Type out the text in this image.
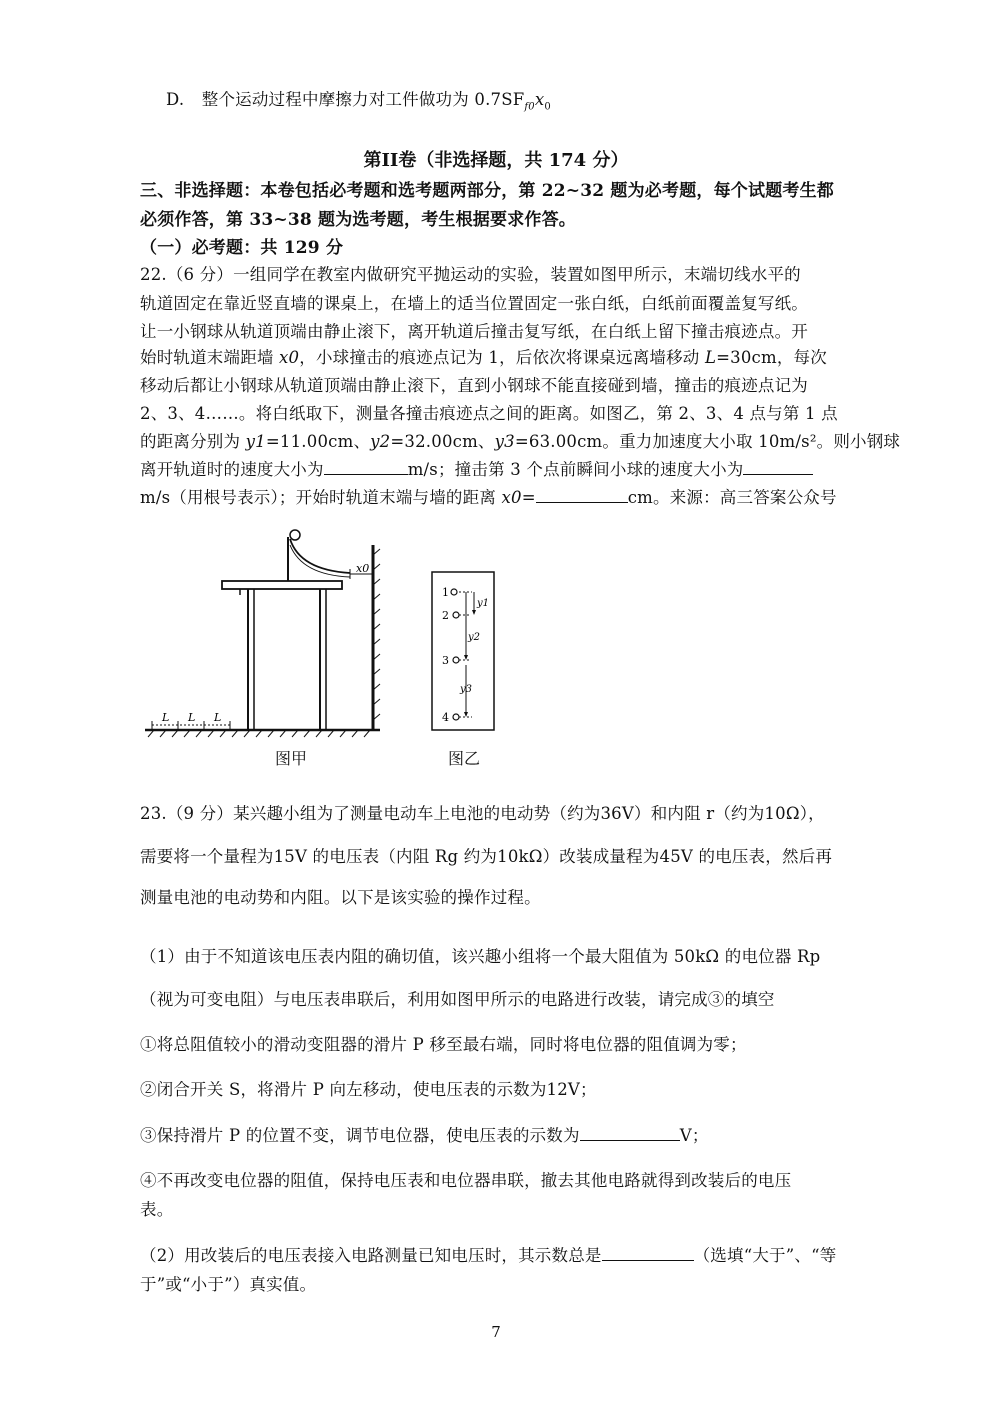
D. 整个运动过程中摩擦力对工件做功为 $0.7SF_{f0}x_0$
第II卷（非选择题，共 174 分）
三、非选择题：本卷包括必考题和选考题两部分，第 22~32 题为必考题，每个试题考生都
必须作答，第 33~38 题为选考题，考生根据要求作答。
（一）必考题：共 129 分
22.（6 分）一组同学在教室内做研究平抛运动的实验，装置如图甲所示，末端切线水平的
轨道固定在靠近竖直墙的课桌上，在墙上的适当位置固定一张白纸，白纸前面覆盖复写纸。
让一小钢球从轨道顶端由静止滚下，离开轨道后撞击复写纸，在白纸上留下撞击痕迹点。开
始时轨道末端距墙 x0，小球撞击的痕迹点记为 1，后依次将课桌远离墙移动 L=30cm，每次
移动后都让小钢球从轨道顶端由静止滚下，直到小钢球不能直接碰到墙，撞击的痕迹点记为
2、3、4……。将白纸取下，测量各撞击痕迹点之间的距离。如图乙，第 2、3、4 点与第 1 点
的距离分别为 y1=11.00cm、y2=32.00cm、y3=63.00cm。重力加速度大小取 10m/s²。则小钢球
离开轨道时的速度大小为	m/s；撞击第 3 个点前瞬间小球的速度大小为
m/s（用根号表示）；开始时轨道末端与墙的距离 x0=	cm。来源：高三答案公众号
x0
L L L
图甲
1
2
3
4
y1
y2
y3
图乙
23.（9 分）某兴趣小组为了测量电动车上电池的电动势（约为36V）和内阻 r（约为10Ω），
需要将一个量程为15V 的电压表（内阻 Rg 约为10kΩ）改装成量程为45V 的电压表，然后再
测量电池的电动势和内阻。以下是该实验的操作过程。
（1）由于不知道该电压表内阻的确切值，该兴趣小组将一个最大阻值为 50kΩ 的电位器 Rp
（视为可变电阻）与电压表串联后，利用如图甲所示的电路进行改装，请完成③的填空
①将总阻值较小的滑动变阻器的滑片 P 移至最右端，同时将电位器的阻值调为零；
②闭合开关 S，将滑片 P 向左移动，使电压表的示数为12V；
③保持滑片 P 的位置不变，调节电位器，使电压表的示数为	V；
④不再改变电位器的阻值，保持电压表和电位器串联，撤去其他电路就得到改装后的电压
表。
（2）用改装后的电压表接入电路测量已知电压时，其示数总是	（选填“大于”、“等
于”或“小于”）真实值。
7
